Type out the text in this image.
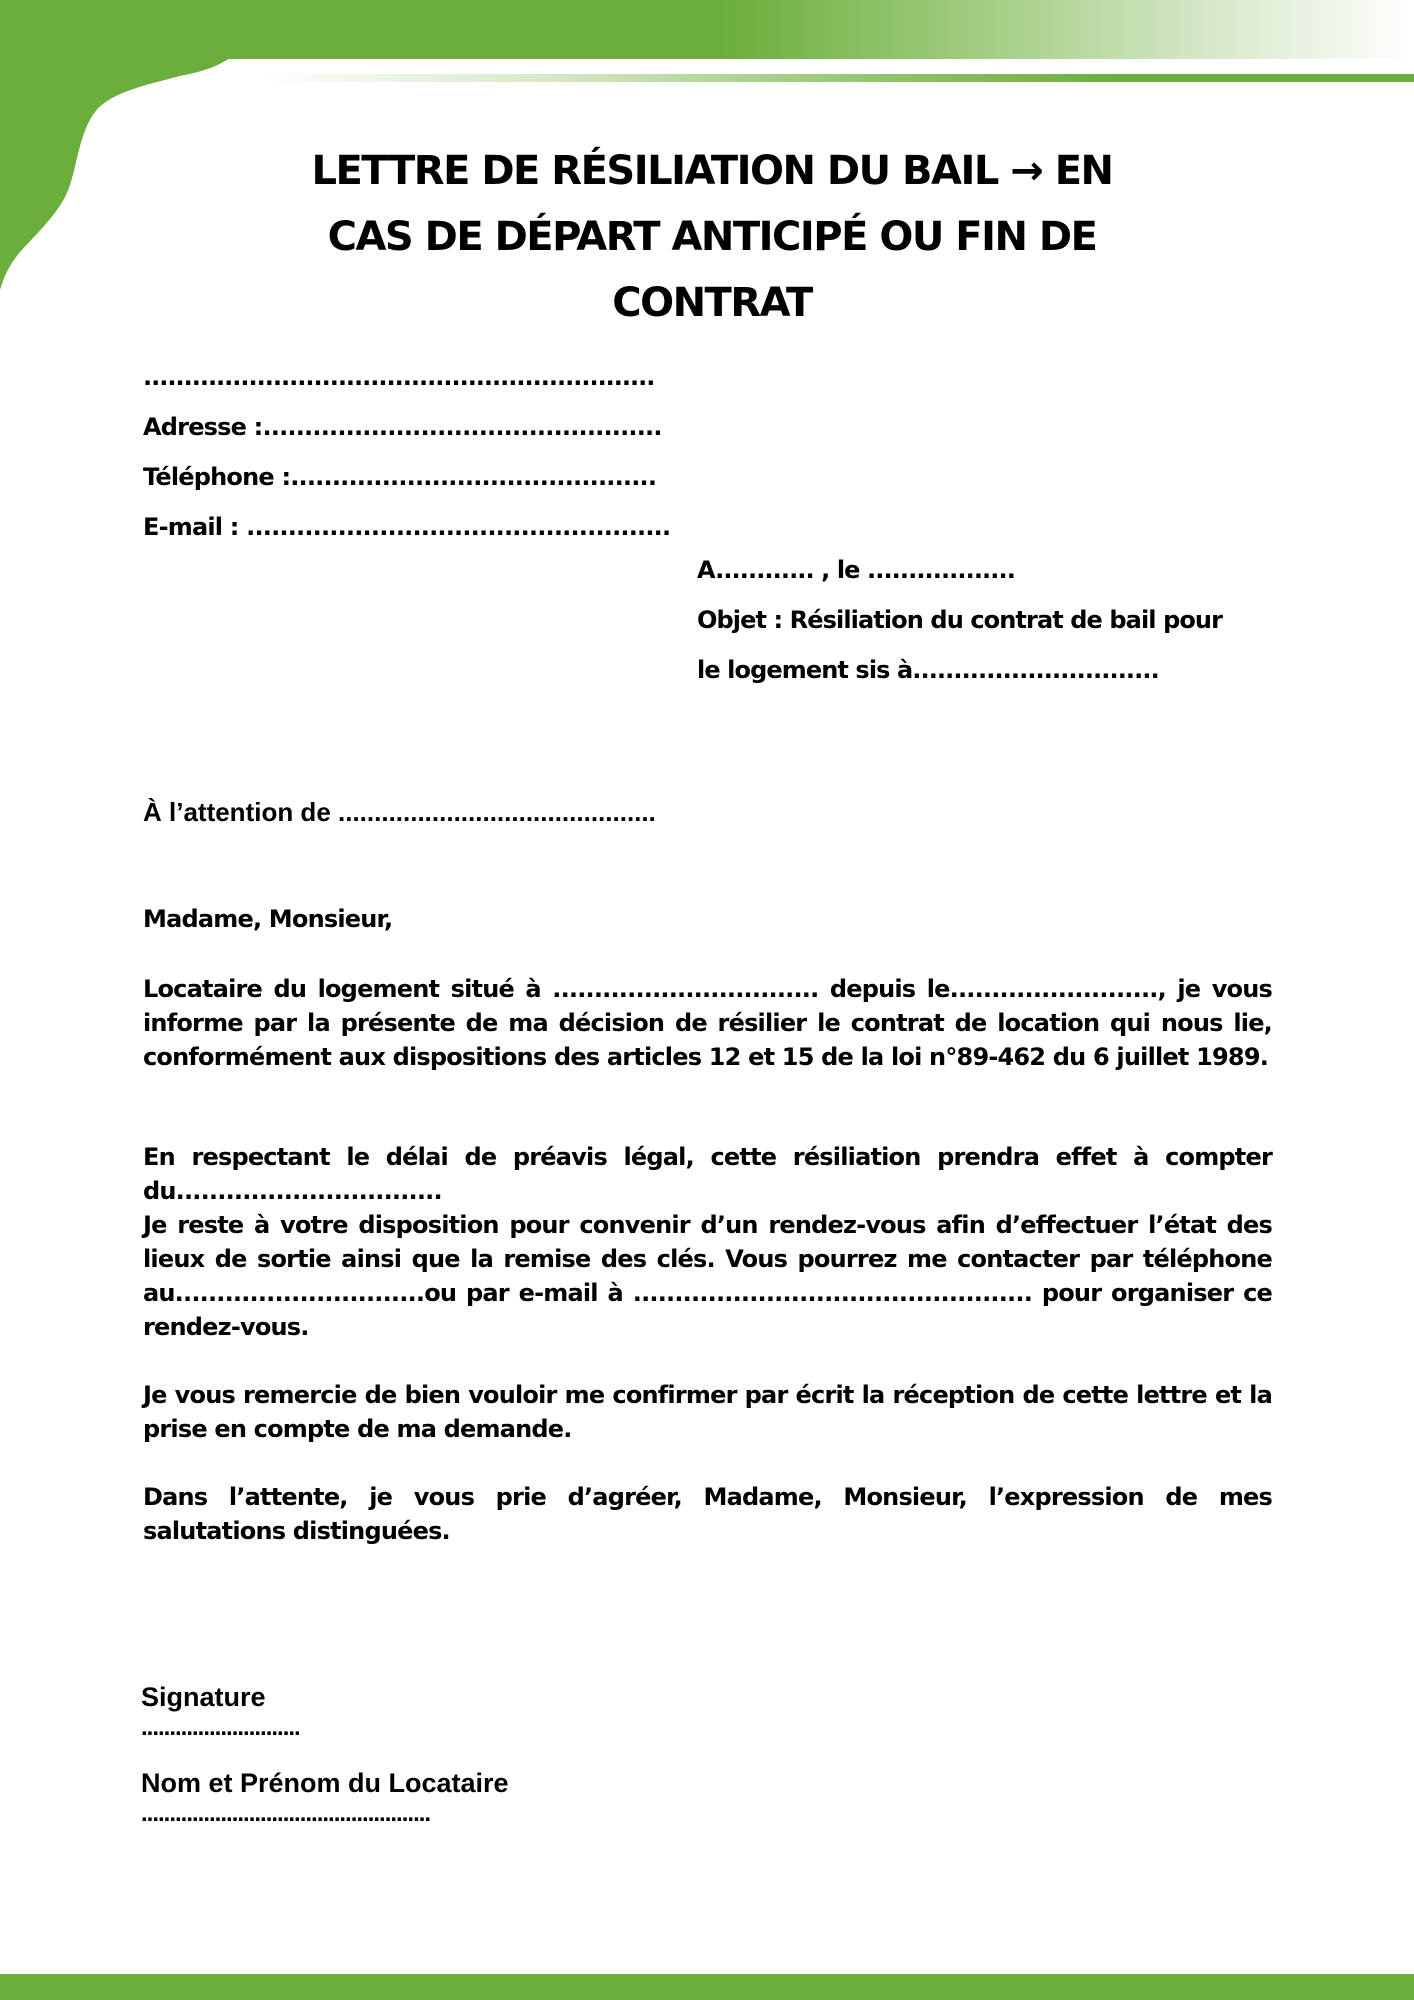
LETTRE DE RÉSILIATION DU BAIL → EN
CAS DE DÉPART ANTICIPÉ OU FIN DE
CONTRAT
...............................................................
Adresse :................................................
Téléphone :............................................
E-mail : ...................................................
A............ , le ..................
Objet : Résiliation du contrat de bail pour
le logement sis à..............................
À l’attention de ............................................
Madame, Monsieur,

Locataire du logement situé à ................................ depuis le........................., je vous informe par la présente de ma décision de résilier le contrat de location qui nous lie, conformément aux dispositions des articles 12 et 15 de la loi n°89-462 du 6 juillet 1989.

En respectant le délai de préavis légal, cette résiliation prendra effet à compter du................................

Je reste à votre disposition pour convenir d’un rendez-vous afin d’effectuer l’état des lieux de sortie ainsi que la remise des clés. Vous pourrez me contacter par téléphone au..............................ou par e-mail à ................................................ pour organiser ce rendez-vous.

Je vous remercie de bien vouloir me confirmer par écrit la réception de cette lettre et la prise en compte de ma demande.

Dans l’attente, je vous prie d’agréer, Madame, Monsieur, l’expression de mes salutations distinguées.

Signature
............................
Nom et Prénom du Locataire
...................................................
